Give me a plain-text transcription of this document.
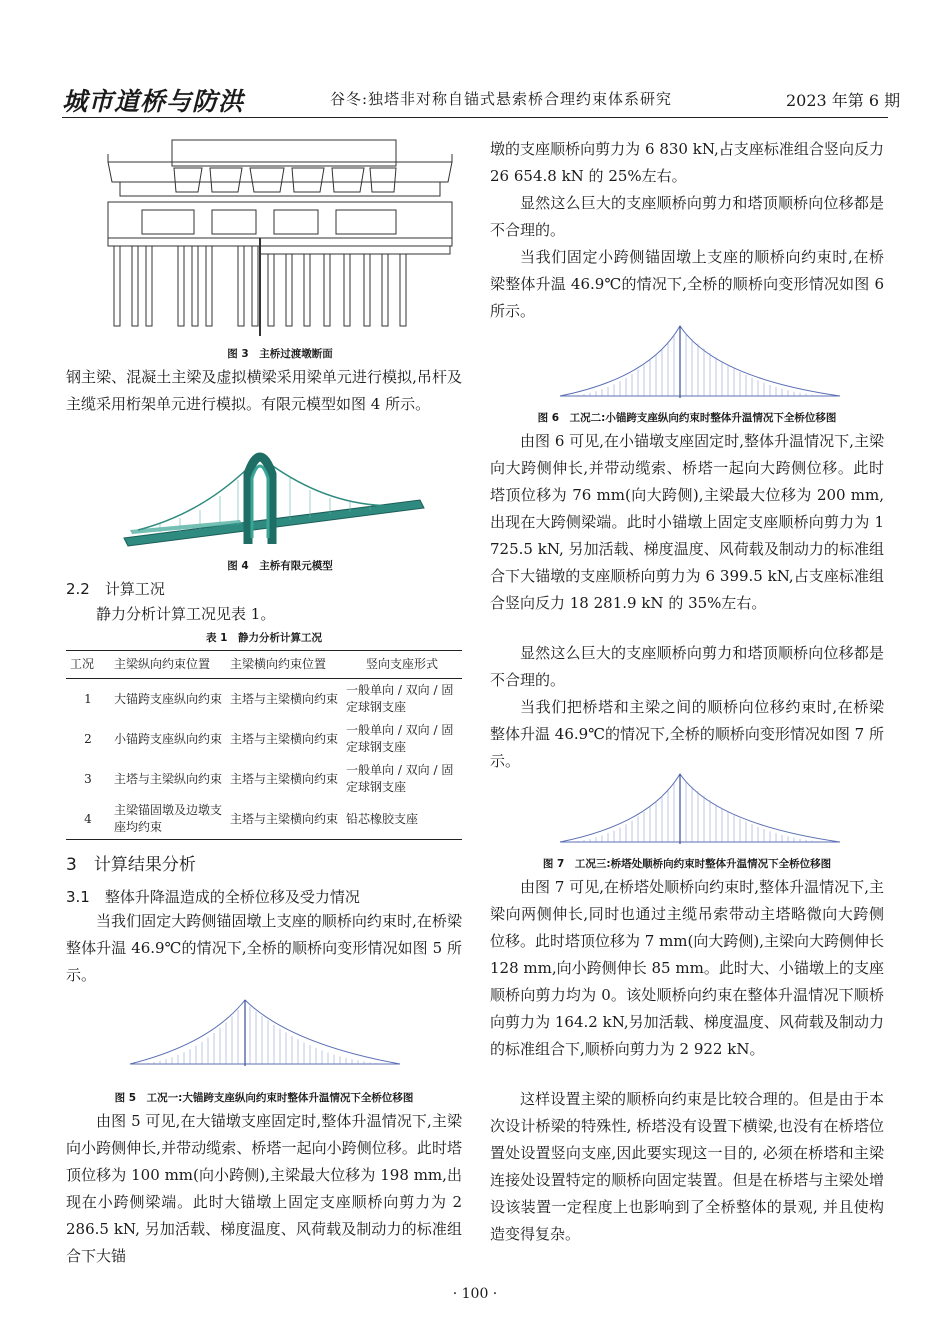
城市道桥与防洪	谷冬:独塔非对称自锚式悬索桥合理约束体系研究	2023 年第 6 期
图 3　主桥过渡墩断面
钢主梁、混凝土主梁及虚拟横梁采用梁单元进行模拟,吊杆及主缆采用桁架单元进行模拟。有限元模型如图 4 所示。
图 4　主桥有限元模型
2.2　计算工况
静力分析计算工况见表 1。
表 1　静力分析计算工况
工况	主梁纵向约束位置	主梁横向约束位置	竖向支座形式
1	大锚跨支座纵向约束	主塔与主梁横向约束	一般单向 / 双向 / 固定球钢支座
2	小锚跨支座纵向约束	主塔与主梁横向约束	一般单向 / 双向 / 固定球钢支座
3	主塔与主梁纵向约束	主塔与主梁横向约束	一般单向 / 双向 / 固定球钢支座
4	主梁锚固墩及边墩支座均约束	主塔与主梁横向约束	铅芯橡胶支座
3　计算结果分析
3.1　整体升降温造成的全桥位移及受力情况
当我们固定大跨侧锚固墩上支座的顺桥向约束时,在桥梁整体升温 46.9℃的情况下,全桥的顺桥向变形情况如图 5 所示。
图 5　工况一:大锚跨支座纵向约束时整体升温情况下全桥位移图
由图 5 可见,在大锚墩支座固定时,整体升温情况下,主梁向小跨侧伸长,并带动缆索、桥塔一起向小跨侧位移。此时塔顶位移为 100 mm(向小跨侧),主梁最大位移为 198 mm,出现在小跨侧梁端。此时大锚墩上固定支座顺桥向剪力为 2 286.5 kN, 另加活载、梯度温度、风荷载及制动力的标准组合下大锚
墩的支座顺桥向剪力为 6 830 kN,占支座标准组合竖向反力 26 654.8 kN 的 25%左右。
显然这么巨大的支座顺桥向剪力和塔顶顺桥向位移都是不合理的。
当我们固定小跨侧锚固墩上支座的顺桥向约束时,在桥梁整体升温 46.9℃的情况下,全桥的顺桥向变形情况如图 6 所示。
图 6　工况二:小锚跨支座纵向约束时整体升温情况下全桥位移图
由图 6 可见,在小锚墩支座固定时,整体升温情况下,主梁向大跨侧伸长,并带动缆索、桥塔一起向大跨侧位移。此时塔顶位移为 76 mm(向大跨侧),主梁最大位移为 200 mm,出现在大跨侧梁端。此时小锚墩上固定支座顺桥向剪力为 1 725.5 kN, 另加活载、梯度温度、风荷载及制动力的标准组合下大锚墩的支座顺桥向剪力为 6 399.5 kN,占支座标准组合竖向反力 18 281.9 kN 的 35%左右。
显然这么巨大的支座顺桥向剪力和塔顶顺桥向位移都是不合理的。
当我们把桥塔和主梁之间的顺桥向位移约束时,在桥梁整体升温 46.9℃的情况下,全桥的顺桥向变形情况如图 7 所示。
图 7　工况三:桥塔处顺桥向约束时整体升温情况下全桥位移图
由图 7 可见,在桥塔处顺桥向约束时,整体升温情况下,主梁向两侧伸长,同时也通过主缆吊索带动主塔略微向大跨侧位移。此时塔顶位移为 7 mm(向大跨侧),主梁向大跨侧伸长 128 mm,向小跨侧伸长 85 mm。此时大、小锚墩上的支座顺桥向剪力均为 0。该处顺桥向约束在整体升温情况下顺桥向剪力为 164.2 kN,另加活载、梯度温度、风荷载及制动力的标准组合下,顺桥向剪力为 2 922 kN。
这样设置主梁的顺桥向约束是比较合理的。但是由于本次设计桥梁的特殊性, 桥塔没有设置下横梁,也没有在桥塔位置处设置竖向支座,因此要实现这一目的, 必须在桥塔和主梁连接处设置特定的顺桥向固定装置。但是在桥塔与主梁处增设该装置一定程度上也影响到了全桥整体的景观, 并且使构造变得复杂。
· 100 ·
